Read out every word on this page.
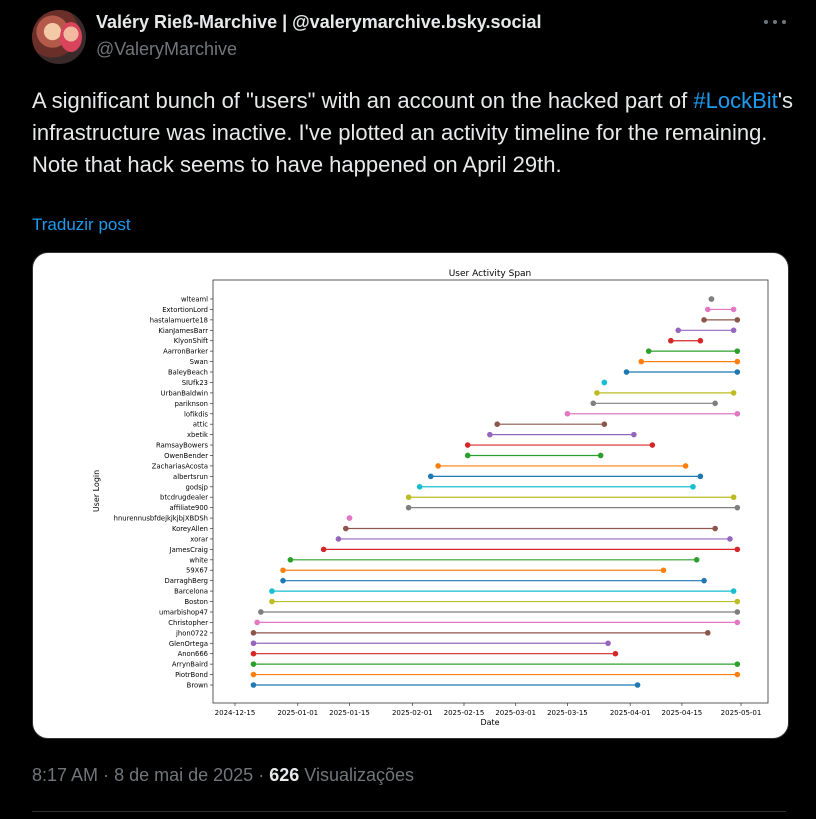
Valéry Rieß-Marchive | @valerymarchive.bsky.social
@ValeryMarchive
A significant bunch of "users" with an account on the hacked part of #LockBit's infrastructure was inactive. I've plotted an activity timeline for the remaining.
Note that hack seems to have happened on April 29th.
Traduzir post
User Activity Span
wlteaml
ExtortionLord
hastalamuerte18
KianJamesBarr
KlyonShift
AarronBarker
Swan
BaleyBeach
SIUfk23
UrbanBaldwin
pariknson
lofikdis
attic
xbetik
RamsayBowers
OwenBender
ZachariasAcosta
albertsrun
godsjp
btcdrugdealer
affiliate900
hnurennusbfdejkjkjbjXBDSh
KoreyAllen
xorar
JamesCraig
white
59X67
DarraghBerg
Barcelona
Boston
umarbishop47
Christopher
jhon0722
GlenOrtega
Anon666
ArrynBaird
PiotrBond
Brown
2024-12-15	2025-01-01 2025-01-15	2025-02-01 2025-02-15 2025-03-01 2025-03-15	2025-04-01 2025-04-15	2025-05-01
Date
User Login
8:17 AM · 8 de mai de 2025 · 626 Visualizações
